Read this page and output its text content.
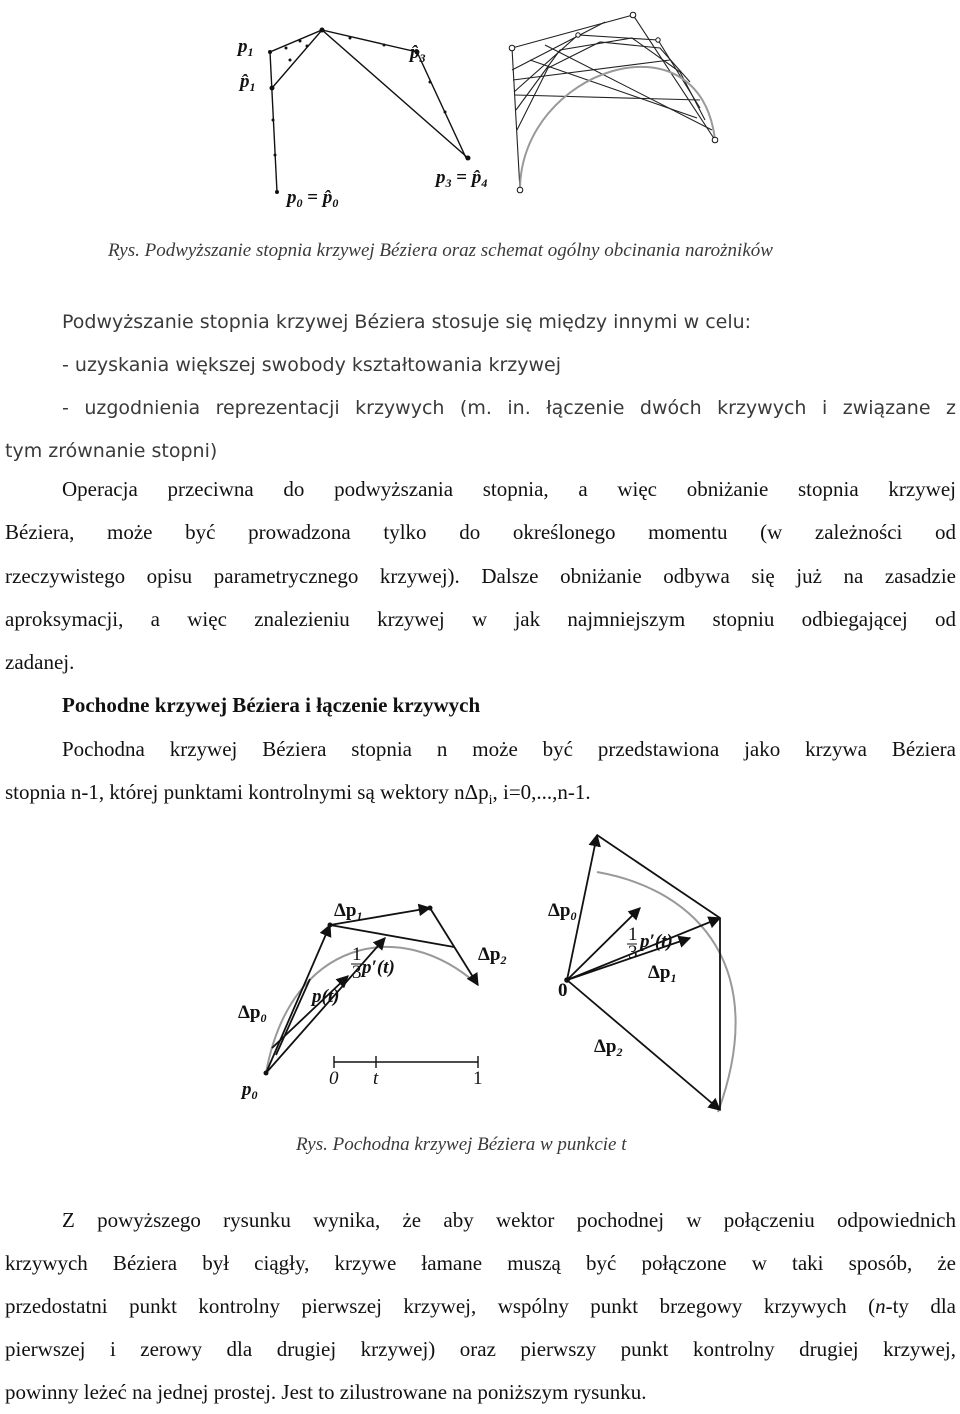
$p_1$
$p̂_1$
$p̂_3$
$p_0$ = $p̂_0$
$p_3$ = $p̂_4$
Rys. Podwyższanie stopnia krzywej Béziera oraz schemat ogólny obcinania narożników
Podwyższanie stopnia krzywej Béziera stosuje się między innymi w celu:
- uzyskania większej swobody kształtowania krzywej
- uzgodnienia reprezentacji krzywych (m. in. łączenie dwóch krzywych i związane z
tym zrównanie stopni)
Operacja przeciwna do podwyższania stopnia, a więc obniżanie stopnia krzywej
Béziera, może być prowadzona tylko do określonego momentu (w zależności od
rzeczywistego opisu parametrycznego krzywej). Dalsze obniżanie odbywa się już na zasadzie
aproksymacji, a więc znalezieniu krzywej w jak najmniejszym stopniu odbiegającej od
zadanej.
Pochodne krzywej Béziera i łączenie krzywych
Pochodna krzywej Béziera stopnia n może być przedstawiona jako krzywa Béziera
stopnia n-1, której punktami kontrolnymi są wektory nΔp$_i$, i=0,...,n-1.
$\Delta p_1$
$\Delta p_2$
$\Delta p_0$
$p_0$
p(t)
1
3 p′(t)
0 t	1
$\Delta p_0$
$\Delta p_1$
$\Delta p_2$
0
1
3
p′(t)
Rys. Pochodna krzywej Béziera w punkcie t
Z powyższego rysunku wynika, że aby wektor pochodnej w połączeniu odpowiednich
krzywych Béziera był ciągły, krzywe łamane muszą być połączone w taki sposób, że
przedostatni punkt kontrolny pierwszej krzywej, wspólny punkt brzegowy krzywych (n-ty dla
pierwszej i zerowy dla drugiej krzywej) oraz pierwszy punkt kontrolny drugiej krzywej,
powinny leżeć na jednej prostej. Jest to zilustrowane na poniższym rysunku.
